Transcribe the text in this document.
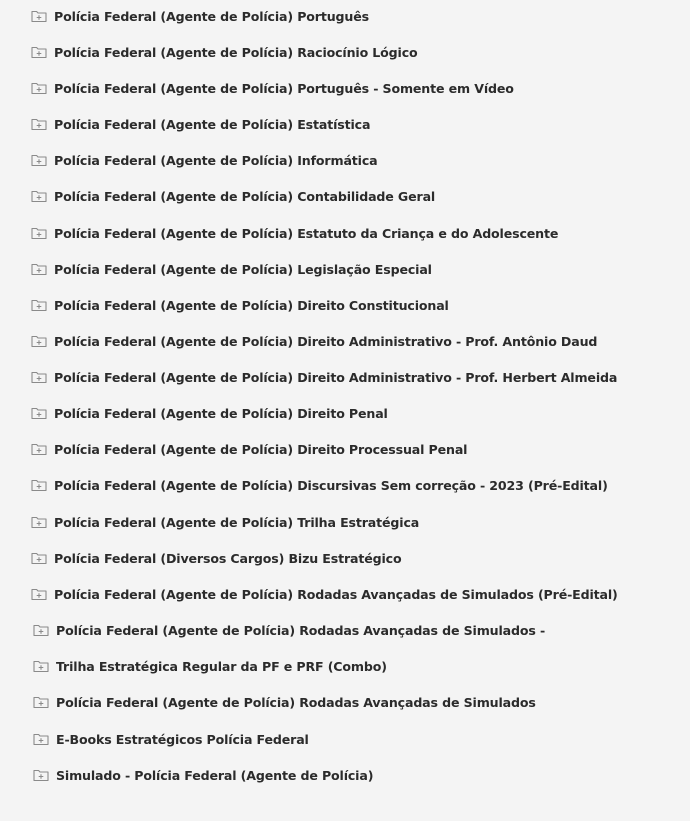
Polícia Federal (Agente de Polícia) Português
Polícia Federal (Agente de Polícia) Raciocínio Lógico
Polícia Federal (Agente de Polícia) Português - Somente em Vídeo
Polícia Federal (Agente de Polícia) Estatística
Polícia Federal (Agente de Polícia) Informática
Polícia Federal (Agente de Polícia) Contabilidade Geral
Polícia Federal (Agente de Polícia) Estatuto da Criança e do Adolescente
Polícia Federal (Agente de Polícia) Legislação Especial
Polícia Federal (Agente de Polícia) Direito Constitucional
Polícia Federal (Agente de Polícia) Direito Administrativo - Prof. Antônio Daud
Polícia Federal (Agente de Polícia) Direito Administrativo - Prof. Herbert Almeida
Polícia Federal (Agente de Polícia) Direito Penal
Polícia Federal (Agente de Polícia) Direito Processual Penal
Polícia Federal (Agente de Polícia) Discursivas Sem correção - 2023 (Pré-Edital)
Polícia Federal (Agente de Polícia) Trilha Estratégica
Polícia Federal (Diversos Cargos) Bizu Estratégico
Polícia Federal (Agente de Polícia) Rodadas Avançadas de Simulados (Pré-Edital)
Polícia Federal (Agente de Polícia) Rodadas Avançadas de Simulados -
Trilha Estratégica Regular da PF e PRF (Combo)
Polícia Federal (Agente de Polícia) Rodadas Avançadas de Simulados
E-Books Estratégicos Polícia Federal
Simulado - Polícia Federal (Agente de Polícia)
